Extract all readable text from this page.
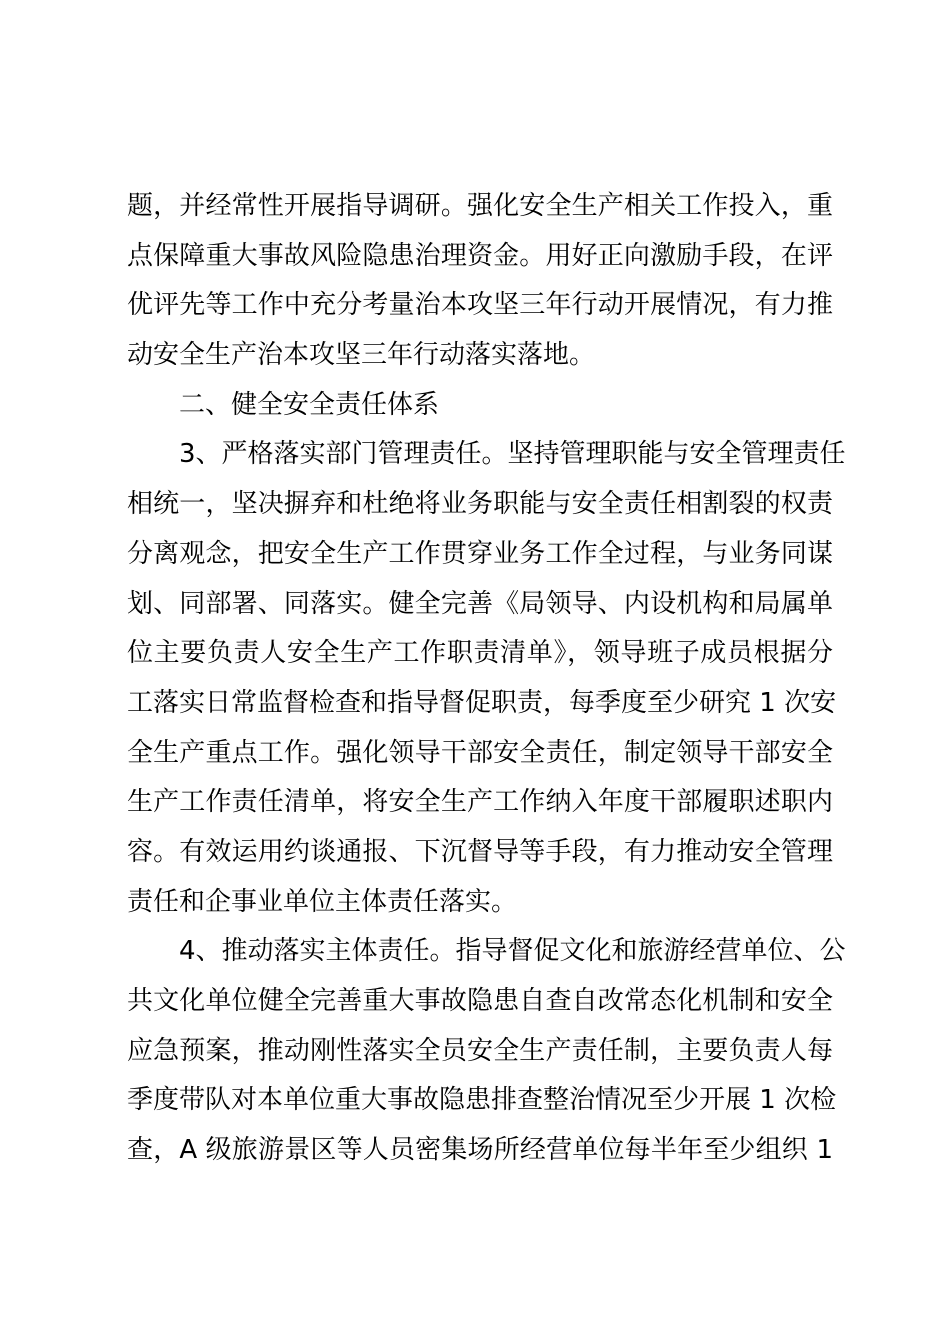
题，并经常性开展指导调研。强化安全生产相关工作投入，重
点保障重大事故风险隐患治理资金。用好正向激励手段，在评
优评先等工作中充分考量治本攻坚三年行动开展情况，有力推
动安全生产治本攻坚三年行动落实落地。
二、健全安全责任体系
3、严格落实部门管理责任。坚持管理职能与安全管理责任
相统一，坚决摒弃和杜绝将业务职能与安全责任相割裂的权责
分离观念，把安全生产工作贯穿业务工作全过程，与业务同谋
划、同部署、同落实。健全完善《局领导、内设机构和局属单
位主要负责人安全生产工作职责清单》，领导班子成员根据分
工落实日常监督检查和指导督促职责，每季度至少研究 1 次安
全生产重点工作。强化领导干部安全责任，制定领导干部安全
生产工作责任清单，将安全生产工作纳入年度干部履职述职内
容。有效运用约谈通报、下沉督导等手段，有力推动安全管理
责任和企事业单位主体责任落实。
4、推动落实主体责任。指导督促文化和旅游经营单位、公
共文化单位健全完善重大事故隐患自查自改常态化机制和安全
应急预案，推动刚性落实全员安全生产责任制，主要负责人每
季度带队对本单位重大事故隐患排查整治情况至少开展 1 次检
查，A 级旅游景区等人员密集场所经营单位每半年至少组织 1
